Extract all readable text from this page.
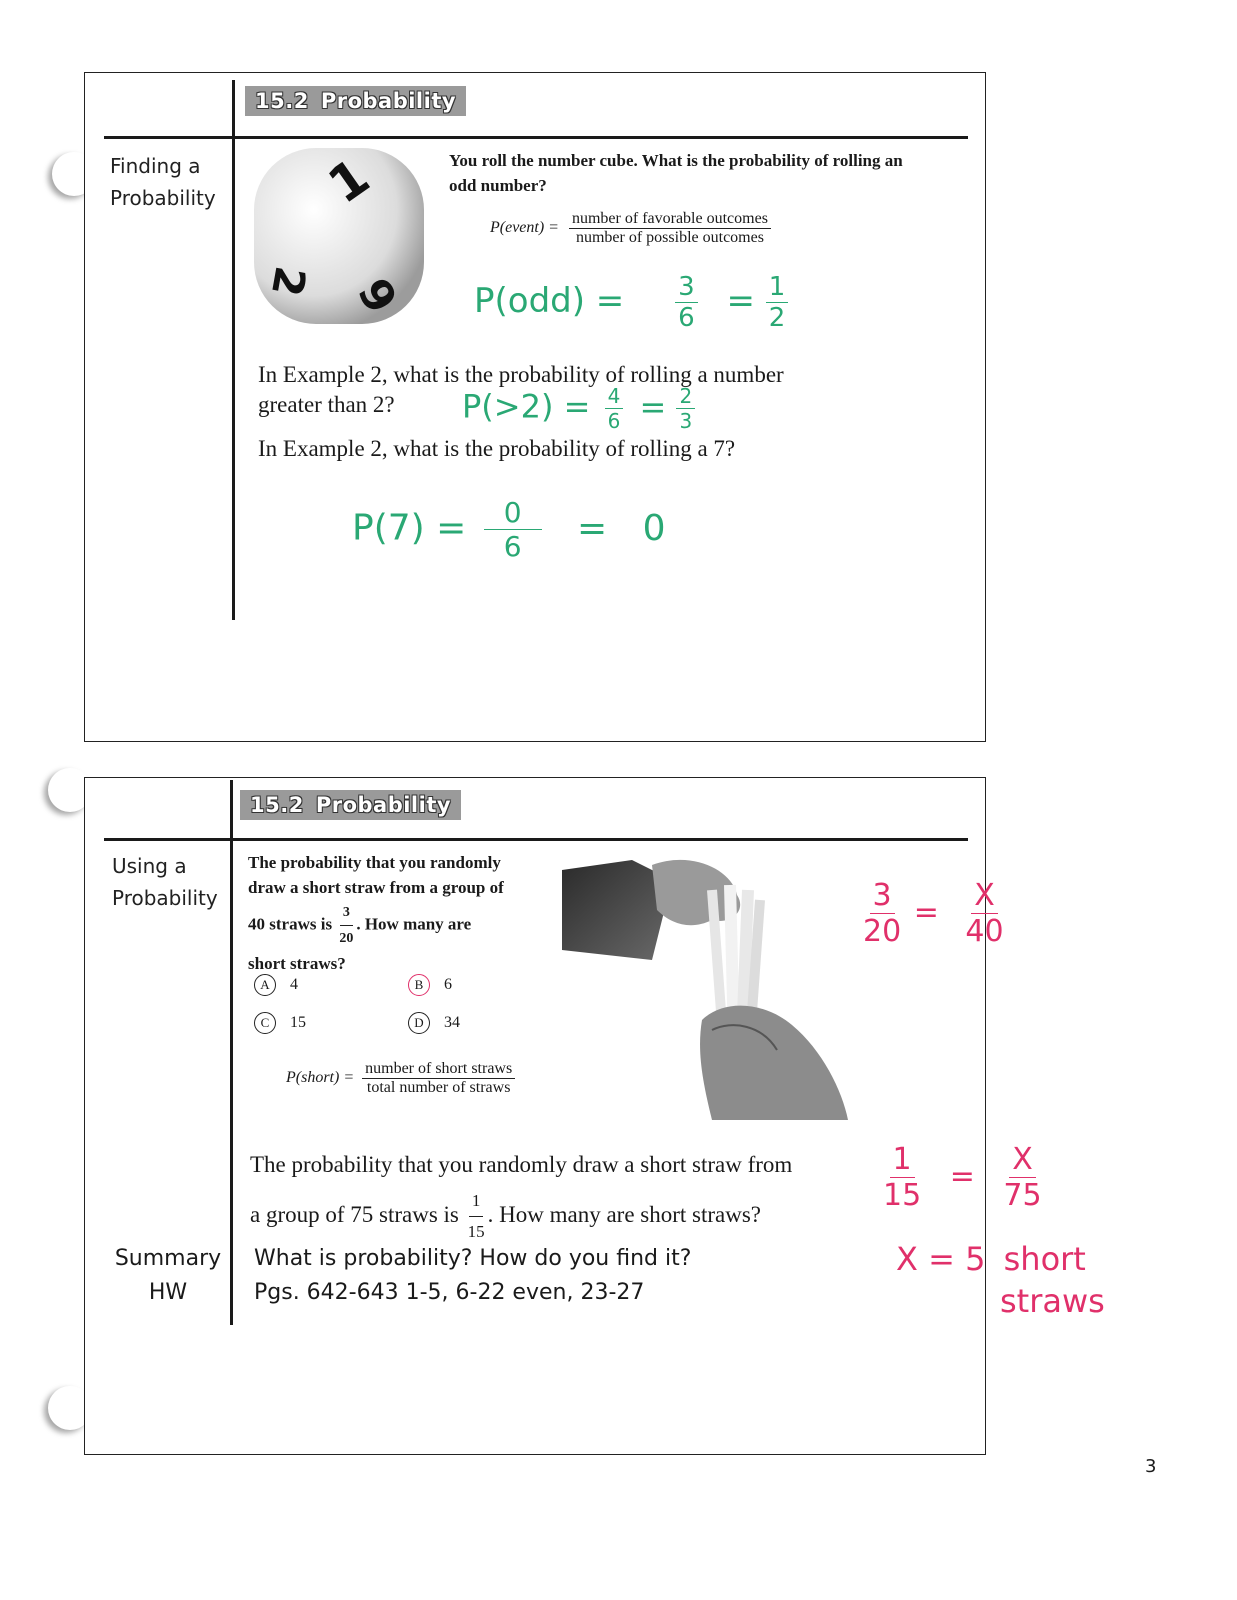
15.2 Probability
Finding a
Probability 1
2 6
You roll the number cube. What is the probability of rolling an
odd number?
P(event) = $\frac{\text{number of favorable outcomes}}{\text{number of possible outcomes}}$
$P(odd) = \frac{3}{6} = \frac{1}{2}$
In Example 2, what is the probability of rolling a number
greater than 2?	$P(>2) = \frac{4}{6} = \frac{2}{3}$
In Example 2, what is the probability of rolling a 7?
$P(7) = \frac{0}{6} = 0$
15.2 Probability
Using a
Probability
The probability that you randomly
draw a short straw from a group of
40 straws is $\frac{3}{20}$ . How many are
short straws?
A 4	B 6
C 15	D 34
P(short) = $\frac{\text{number of short straws}}{\text{total number of straws}}$
$\frac{3}{20} = \frac{X}{40}$
The probability that you randomly draw a short straw from
a group of 75 straws is $\frac{1}{15}$ . How many are short straws?
$\frac{1}{15} = \frac{X}{75}$
X = 5 short
straws
Summary
HW
What is probability? How do you find it?
Pgs. 642-643 1-5, 6-22 even, 23-27
3
